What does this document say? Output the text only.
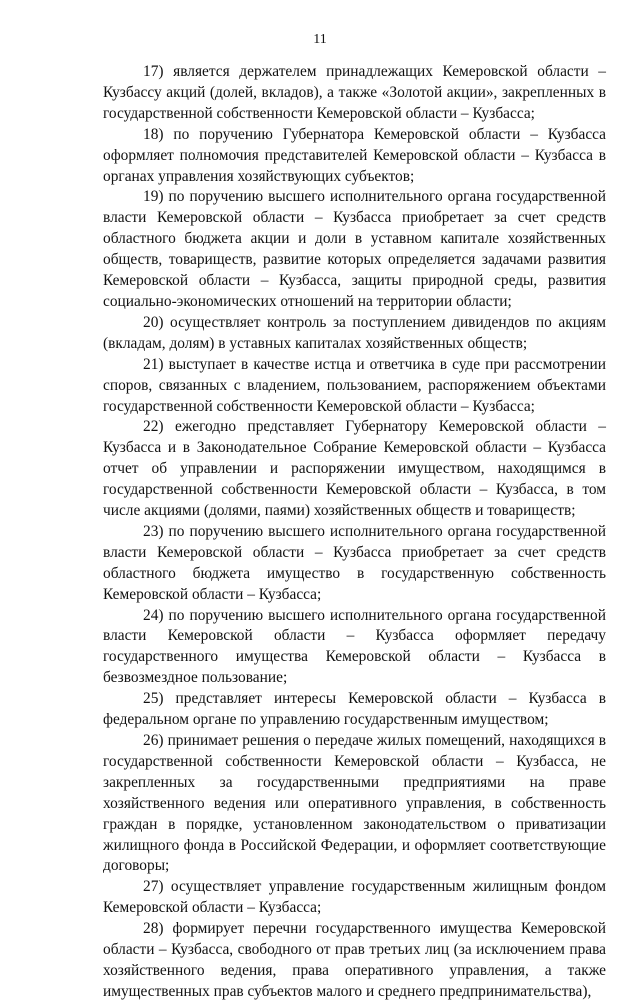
11

17) является держателем принадлежащих Кемеровской области – Кузбассу акций (долей, вкладов), а также «Золотой акции», закрепленных в государственной собственности Кемеровской области – Кузбасса;

18) по поручению Губернатора Кемеровской области – Кузбасса оформляет полномочия представителей Кемеровской области – Кузбасса в органах управления хозяйствующих субъектов;

19) по поручению высшего исполнительного органа государственной власти Кемеровской области – Кузбасса приобретает за счет средств областного бюджета акции и доли в уставном капитале хозяйственных обществ, товариществ, развитие которых определяется задачами развития Кемеровской области – Кузбасса, защиты природной среды, развития социально-экономических отношений на территории области;

20) осуществляет контроль за поступлением дивидендов по акциям (вкладам, долям) в уставных капиталах хозяйственных обществ;

21) выступает в качестве истца и ответчика в суде при рассмотрении споров, связанных с владением, пользованием, распоряжением объектами государственной собственности Кемеровской области – Кузбасса;

22) ежегодно представляет Губернатору Кемеровской области – Кузбасса и в Законодательное Собрание Кемеровской области – Кузбасса отчет об управлении и распоряжении имуществом, находящимся в государственной собственности Кемеровской области – Кузбасса, в том числе акциями (долями, паями) хозяйственных обществ и товариществ;

23) по поручению высшего исполнительного органа государственной власти Кемеровской области – Кузбасса приобретает за счет средств областного бюджета имущество в государственную собственность Кемеровской области – Кузбасса;

24) по поручению высшего исполнительного органа государственной власти Кемеровской области – Кузбасса оформляет передачу государственного имущества Кемеровской области – Кузбасса в безвозмездное пользование;

25) представляет интересы Кемеровской области – Кузбасса в федеральном органе по управлению государственным имуществом;

26) принимает решения о передаче жилых помещений, находящихся в государственной собственности Кемеровской области – Кузбасса, не закрепленных за государственными предприятиями на праве хозяйственного ведения или оперативного управления, в собственность граждан в порядке, установленном законодательством о приватизации жилищного фонда в Российской Федерации, и оформляет соответствующие договоры;

27) осуществляет управление государственным жилищным фондом Кемеровской области – Кузбасса;

28) формирует перечни государственного имущества Кемеровской области – Кузбасса, свободного от прав третьих лиц (за исключением права хозяйственного ведения, права оперативного управления, а также имущественных прав субъектов малого и среднего предпринимательства),
